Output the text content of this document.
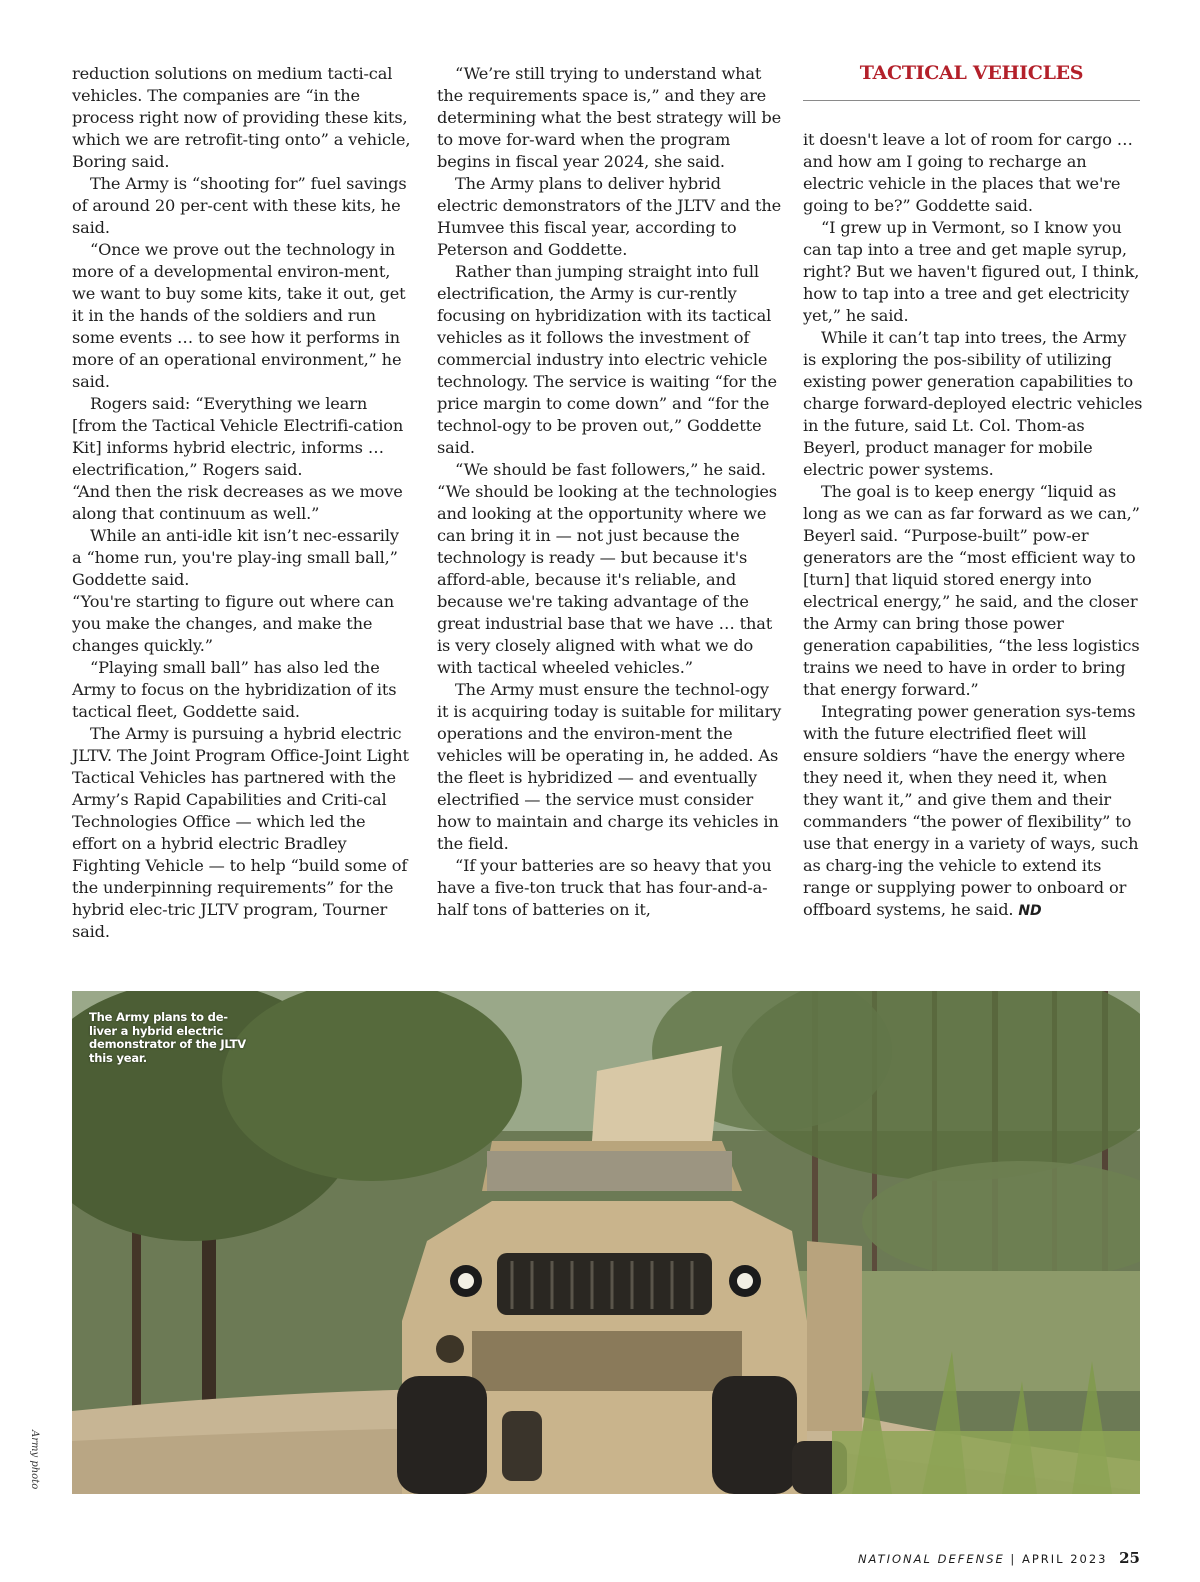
TACTICAL VEHICLES

reduction solutions on medium tacti-cal vehicles. The companies are “in the process right now of providing these kits, which we are retrofit-ting onto” a vehicle, Boring said.

The Army is “shooting for” fuel savings of around 20 per-cent with these kits, he said.

“Once we prove out the technology in more of a developmental environ-ment, we want to buy some kits, take it out, get it in the hands of the soldiers and run some events … to see how it performs in more of an operational environment,” he said.

Rogers said: “Everything we learn [from the Tactical Vehicle Electrifi-cation Kit] informs hybrid electric, informs … electrification,” Rogers said.

“And then the risk decreases as we move along that continuum as well.”

While an anti-idle kit isn’t nec-essarily a “home run, you're play-ing small ball,” Goddette said.

“You're starting to figure out where can you make the changes, and make the changes quickly.”

“Playing small ball” has also led the Army to focus on the hybridization of its tactical fleet, Goddette said.

The Army is pursuing a hybrid electric JLTV. The Joint Program Office-Joint Light Tactical Vehicles has partnered with the Army’s Rapid Capabilities and Criti-cal Technologies Office — which led the effort on a hybrid electric Bradley Fighting Vehicle — to help “build some of the underpinning requirements” for the hybrid elec-tric JLTV program, Tourner said.

“We’re still trying to understand what the requirements space is,” and they are determining what the best strategy will be to move for-ward when the program begins in fiscal year 2024, she said.

The Army plans to deliver hybrid electric demonstrators of the JLTV and the Humvee this fiscal year, according to Peterson and Goddette.

Rather than jumping straight into full electrification, the Army is cur-rently focusing on hybridization with its tactical vehicles as it follows the investment of commercial industry into electric vehicle technology. The service is waiting “for the price margin to come down” and “for the technol-ogy to be proven out,” Goddette said.

“We should be fast followers,” he said. “We should be looking at the technologies and looking at the opportunity where we can bring it in — not just because the technology is ready — but because it's afford-able, because it's reliable, and because we're taking advantage of the great industrial base that we have … that is very closely aligned with what we do with tactical wheeled vehicles.”

The Army must ensure the technol-ogy it is acquiring today is suitable for military operations and the environ-ment the vehicles will be operating in, he added. As the fleet is hybridized — and eventually electrified — the service must consider how to maintain and charge its vehicles in the field.

“If your batteries are so heavy that you have a five-ton truck that has four-and-a-half tons of batteries on it,

it doesn't leave a lot of room for cargo … and how am I going to recharge an electric vehicle in the places that we're going to be?” Goddette said.

“I grew up in Vermont, so I know you can tap into a tree and get maple syrup, right? But we haven't figured out, I think, how to tap into a tree and get electricity yet,” he said.

While it can’t tap into trees, the Army is exploring the pos-sibility of utilizing existing power generation capabilities to charge forward-deployed electric vehicles in the future, said Lt. Col. Thom-as Beyerl, product manager for mobile electric power systems.

The goal is to keep energy “liquid as long as we can as far forward as we can,” Beyerl said. “Purpose-built” pow-er generators are the “most efficient way to [turn] that liquid stored energy into electrical energy,” he said, and the closer the Army can bring those power generation capabilities, “the less logistics trains we need to have in order to bring that energy forward.”

Integrating power generation sys-tems with the future electrified fleet will ensure soldiers “have the energy where they need it, when they need it, when they want it,” and give them and their commanders “the power of flexibility” to use that energy in a variety of ways, such as charg-ing the vehicle to extend its range or supplying power to onboard or offboard systems, he said. ND

The Army plans to de-liver a hybrid electric demonstrator of the JLTV this year.
Army photo
NATIONAL DEFENSE | APRIL 2023 25
